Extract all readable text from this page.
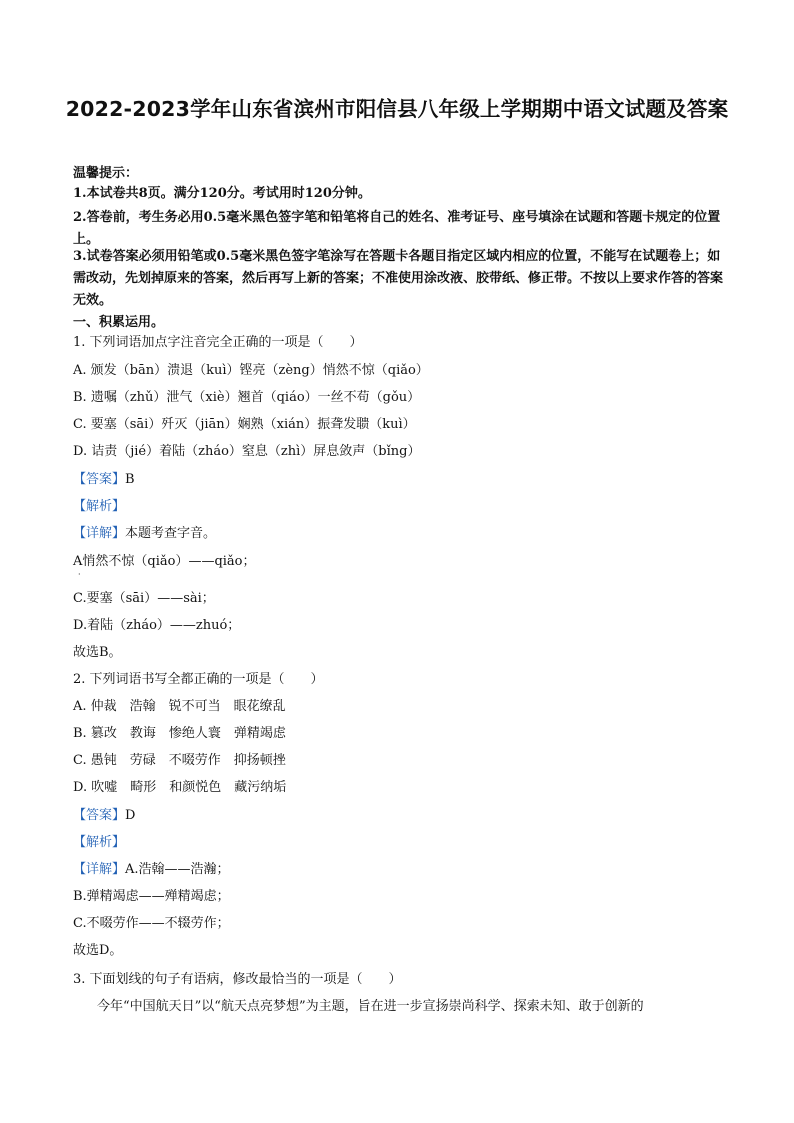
2022-2023学年山东省滨州市阳信县八年级上学期期中语文试题及答案
温馨提示：
1.本试卷共8页。满分120分。考试用时120分钟。
2.答卷前，考生务必用0.5毫米黑色签字笔和铅笔将自己的姓名、准考证号、座号填涂在试题和答题卡规定的位置上。
3.试卷答案必须用铅笔或0.5毫米黑色签字笔涂写在答题卡各题目指定区域内相应的位置，不能写在试题卷上；如需改动，先划掉原来的答案，然后再写上新的答案；不准使用涂改液、胶带纸、修正带。不按以上要求作答的答案无效。
一、积累运用。
1. 下列词语加点字注音完全正确的一项是（　　）
A. 颁发（bān）溃退（kuì）铿亮（zèng）悄然不惊（qiǎo）
B. 遗嘱（zhǔ）泄气（xiè）翘首（qiáo）一丝不苟（gǒu）
C. 要塞（sāi）歼灭（jiān）娴熟（xián）振聋发聩（kuì）
D. 诘责（jié）着陆（zháo）窒息（zhì）屏息敛声（bǐng）
【答案】B
【解析】
【详解】本题考查字音。
A悄然不惊（qiǎo）——qiǎo；
·
C.要塞（sāi）——sài；
D.着陆（zháo）——zhuó；
故选B。
2. 下列词语书写全都正确的一项是（　　）
A. 仲裁　浩翰　锐不可当　眼花缭乱
B. 篡改　教诲　惨绝人寰　弹精竭虑
C. 愚钝　劳碌　不啜劳作　抑扬顿挫
D. 吹嘘　畸形　和颜悦色　藏污纳垢
【答案】D
【解析】
【详解】A.浩翰——浩瀚；
B.弹精竭虑——殚精竭虑；
C.不啜劳作——不辍劳作；
故选D。
3. 下面划线的句子有语病，修改最恰当的一项是（　　）
今年“中国航天日”以“航天点亮梦想”为主题，旨在进一步宣扬崇尚科学、探索未知、敢于创新的
